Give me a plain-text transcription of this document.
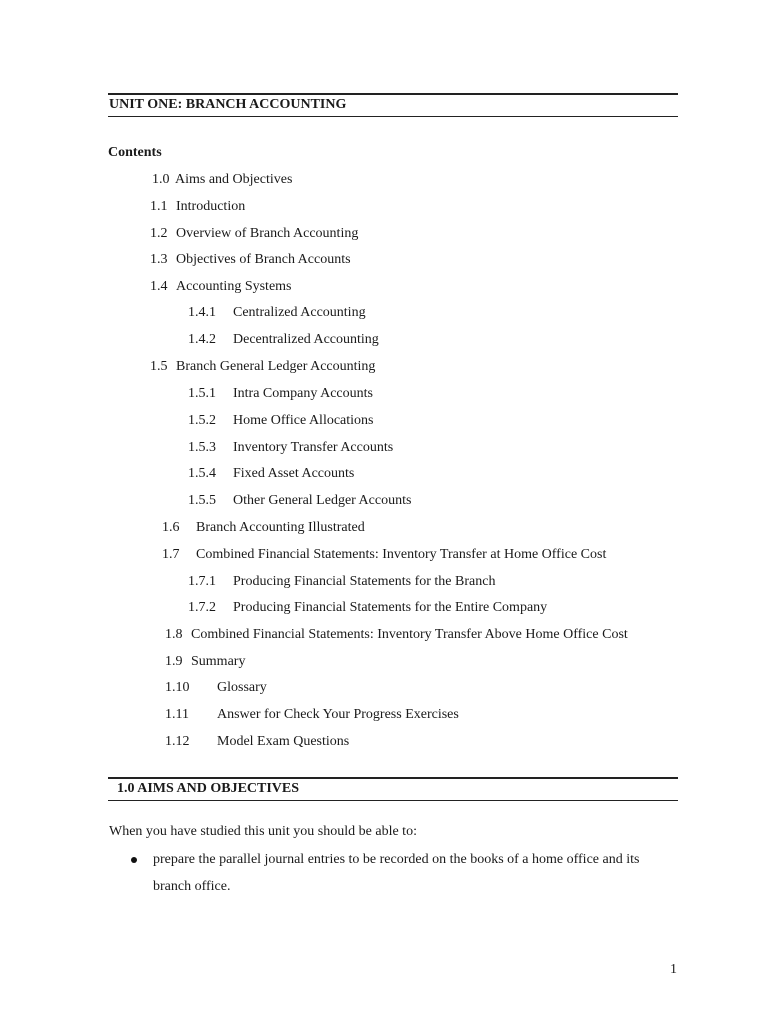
UNIT ONE: BRANCH ACCOUNTING
Contents
1.0 Aims and Objectives
1.1 Introduction
1.2 Overview of Branch Accounting
1.3 Objectives of Branch Accounts
1.4 Accounting Systems
1.4.1 Centralized Accounting
1.4.2 Decentralized Accounting
1.5 Branch General Ledger Accounting
1.5.1 Intra Company Accounts
1.5.2 Home Office Allocations
1.5.3 Inventory Transfer Accounts
1.5.4 Fixed Asset Accounts
1.5.5 Other General Ledger Accounts
1.6 Branch Accounting Illustrated
1.7 Combined Financial Statements: Inventory Transfer at Home Office Cost
1.7.1 Producing Financial Statements for the Branch
1.7.2 Producing Financial Statements for the Entire Company
1.8 Combined Financial Statements: Inventory Transfer Above Home Office Cost
1.9 Summary
1.10 Glossary
1.11 Answer for Check Your Progress Exercises
1.12 Model Exam Questions
1.0 AIMS AND OBJECTIVES
When you have studied this unit you should be able to:
prepare the parallel journal entries to be recorded on the books of a home office and its
branch office.
1
